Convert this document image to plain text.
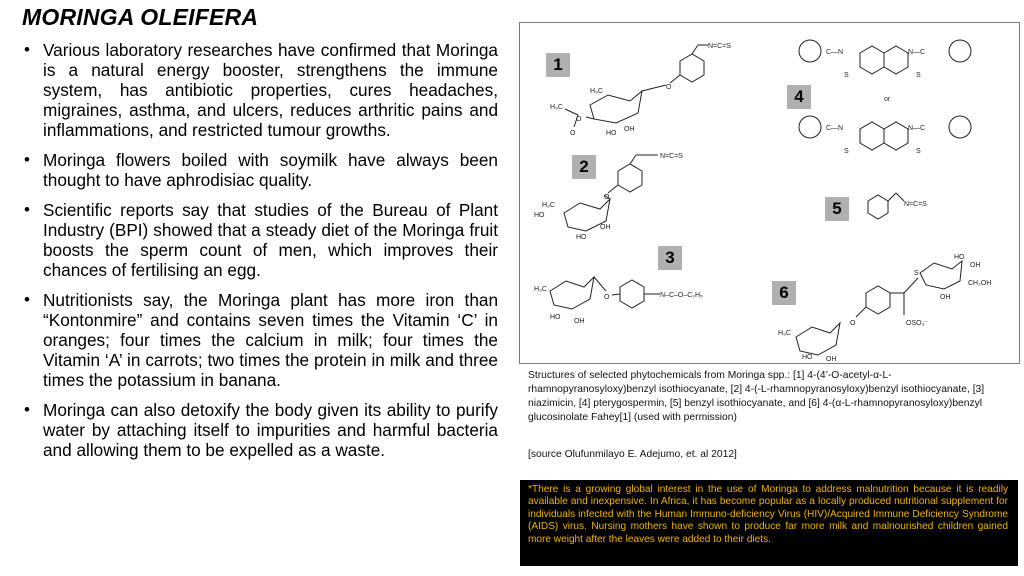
MORINGA OLEIFERA
• Various laboratory researches have confirmed that Moringa is a natural energy booster, strengthens the immune system, has antibiotic properties, cures headaches, migraines, asthma, and ulcers, reduces arthritic pains and inflammations, and restricted tumour growths.
• Moringa flowers boiled with soymilk have always been thought to have aphrodisiac quality.
• Scientific reports say that studies of the Bureau of Plant Industry (BPI) showed that a steady diet of the Moringa fruit boosts the sperm count of men, which improves their chances of fertilising an egg.
• Nutritionists say, the Moringa plant has more iron than “Kontonmire” and contains seven times the Vitamin ‘C’ in oranges; four times the calcium in milk; four times the Vitamin ‘A’ in carrots; two times the protein in milk and three times the potassium in banana.
• Moringa can also detoxify the body given its ability to purify water by attaching itself to impurities and harmful bacteria and allowing them to be expelled as a waste.
N=C=S
O
H₃C
H₃C
O
O	HO
OH
N=C=S
O
H₃C
HO
HO
OH
H₃C
HO
OH
O	N–C–O–C₂H₅
C—N	N—C
S	S
or
C—N	N—C
S	S
N=C=S
HO
OH
CH₂OH
OH
S
OSO₃⁻
O
H₃C
HO OH
1
2
3
4
5
6
Structures of selected phytochemicals from Moringa spp.: [1] 4-(4’-O-acetyl-α-L-rhamnopyranosyloxy)benzyl isothiocyanate, [2] 4-(-L-rhamnopyranosyloxy)benzyl isothiocyanate, [3] niazimicin, [4] pterygospermin, [5] benzyl isothiocyanate, and [6] 4-(α-L-rhamnopyranosyloxy)benzyl glucosinolate Fahey[1] (used with permission)
[source Olufunmilayo E. Adejumo, et. al 2012]
*There is a growing global interest in the use of Moringa to address malnutrition because it is readily available and inexpensive. In Africa, it has become popular as a locally produced nutritional supplement for individuals infected with the Human Immuno-deficiency Virus (HIV)/Acquired Immune Deficiency Syndrome (AIDS) virus. Nursing mothers have shown to produce far more milk and malnourished children gained more weight after the leaves were added to their diets.
